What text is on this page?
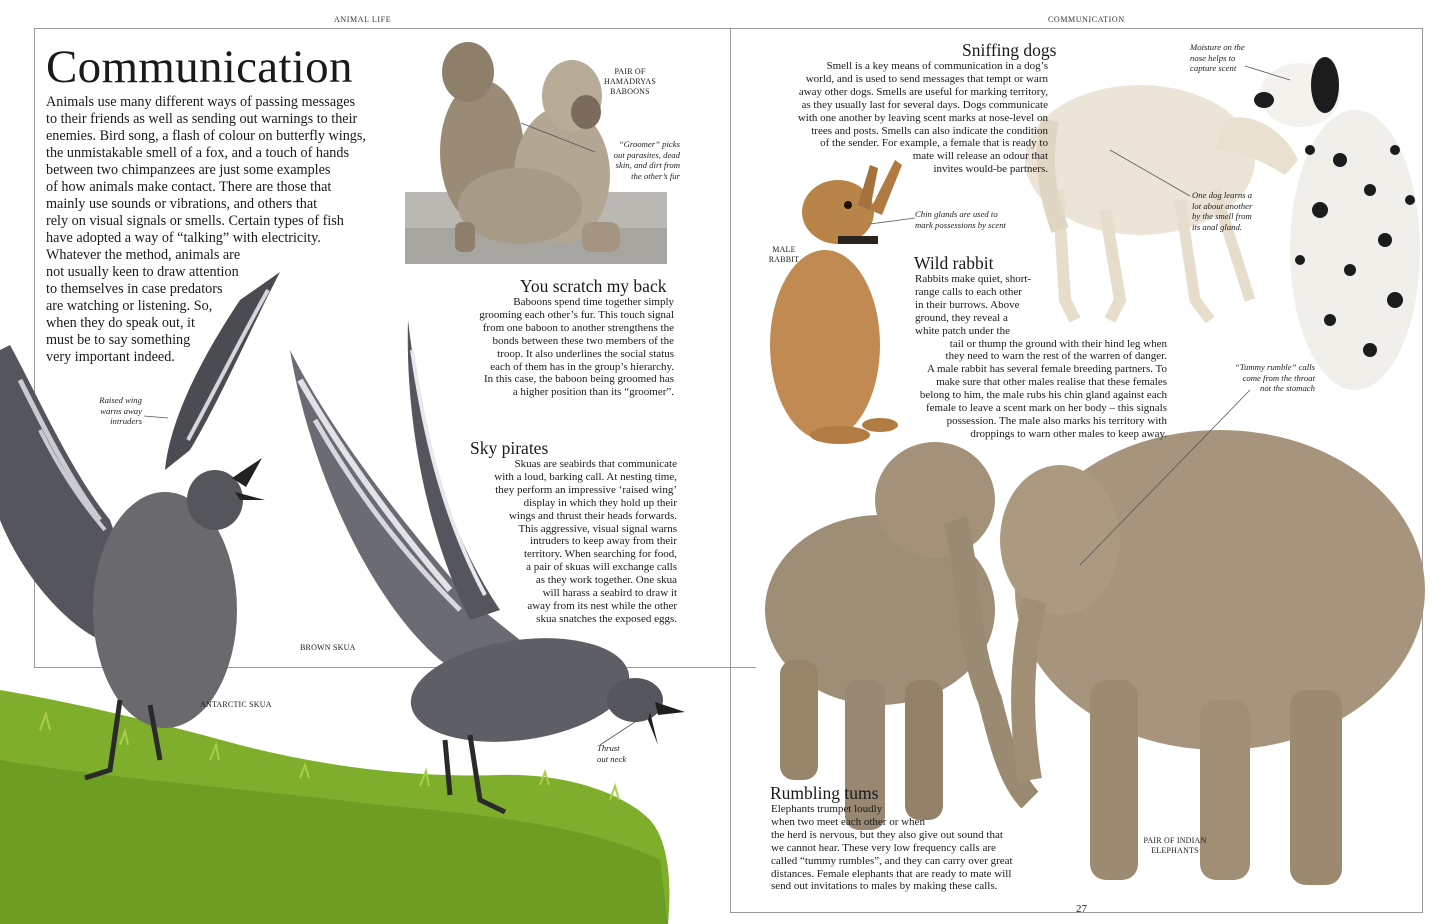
ANIMAL LIFE	COMMUNICATION
Communication
Animals use many different ways of passing messages
to their friends as well as sending out warnings to their
enemies. Bird song, a flash of colour on butterfly wings,
the unmistakable smell of a fox, and a touch of hands
between two chimpanzees are just some examples
of how animals make contact. There are those that
mainly use sounds or vibrations, and others that
rely on visual signals or smells. Certain types of fish
have adopted a way of “talking” with electricity.
Whatever the method, animals are
not usually keen to draw attention
to themselves in case predators
are watching or listening. So,
when they do speak out, it
must be to say something
very important indeed.
PAIR OF
HAMADRYAS
BABOONS
“Groomer” picks
out parasites, dead
skin, and dirt from
the other’s fur
You scratch my back
Baboons spend time together simply
grooming each other’s fur. This touch signal
from one baboon to another strengthens the
bonds between these two members of the
troop. It also underlines the social status
each of them has in the group’s hierarchy.
In this case, the baboon being groomed has
a higher position than its “groomer”.
Sky pirates
Skuas are seabirds that communicate
with a loud, barking call. At nesting time,
they perform an impressive ‘raised wing’
display in which they hold up their
wings and thrust their heads forwards.
This aggressive, visual signal warns
intruders to keep away from their
territory. When searching for food,
a pair of skuas will exchange calls
as they work together. One skua
will harass a seabird to draw it
away from its nest while the other
skua snatches the exposed eggs.
Raised wing
warns away
intruders
ANTARCTIC SKUA
BROWN SKUA
Thrust
out neck
Sniffing dogs
Smell is a key means of communication in a dog’s
world, and is used to send messages that tempt or warn
away other dogs. Smells are useful for marking territory,
as they usually last for several days. Dogs communicate
with one another by leaving scent marks at nose-level on
trees and posts. Smells can also indicate the condition
of the sender. For example, a female that is ready to
mate will release an odour that
invites would-be partners.
Moisture on the
nose helps to
capture scent
One dog learns a
lot about another
by the smell from
its anal gland.
MALE
RABBIT
Chin glands are used to
mark possessions by scent
Wild rabbit
Rabbits make quiet, short-
range calls to each other
in their burrows. Above
ground, they reveal a
white patch under the
tail or thump the ground with their hind leg when
they need to warn the rest of the warren of danger.
A male rabbit has several female breeding partners. To
make sure that other males realise that these females
belong to him, the male rubs his chin gland against each
female to leave a scent mark on her body – this signals
possession. The male also marks his territory with
droppings to warn other males to keep away.
“Tummy rumble” calls
come from the throat
not the stomach
PAIR OF INDIAN
ELEPHANTS
Rumbling tums
Elephants trumpet loudly
when two meet each other or when
the herd is nervous, but they also give out sound that
we cannot hear. These very low frequency calls are
called “tummy rumbles”, and they can carry over great
distances. Female elephants that are ready to mate will
send out invitations to males by making these calls.
27
